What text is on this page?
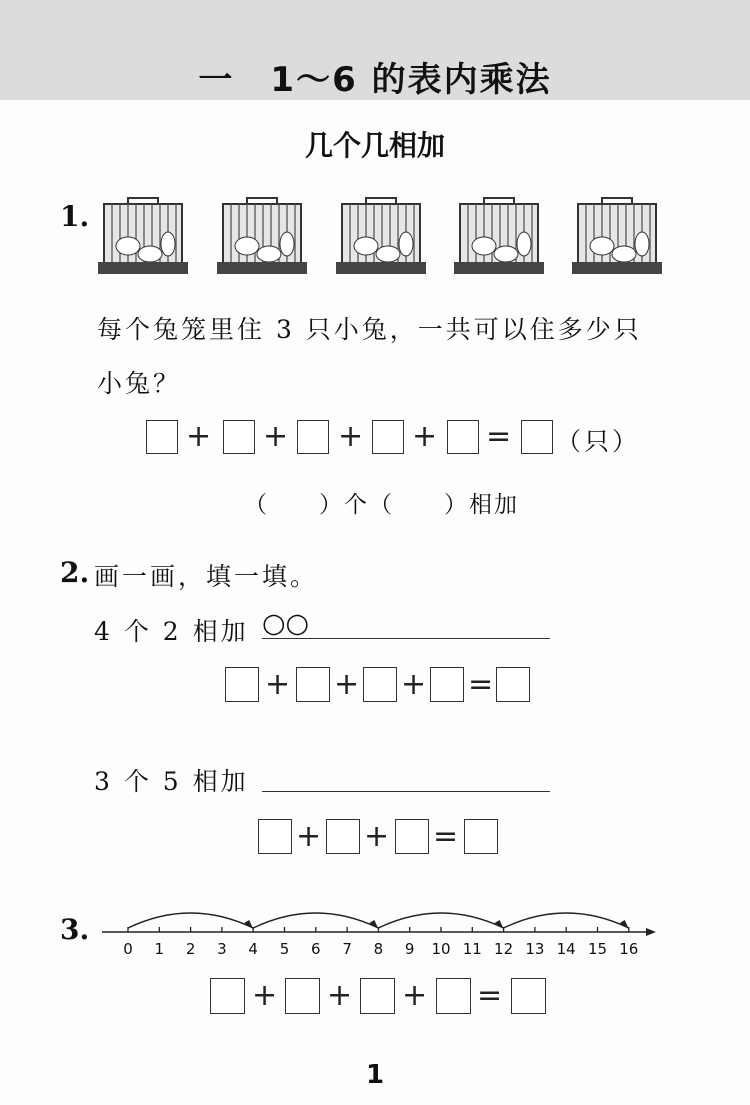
一　1～6 的表内乘法
几个几相加
1.
每个兔笼里住 3 只小兔，一共可以住多少只
小兔？
+ + + + = （只）
（　　）个（　　）相加
2. 画一画，填一填。
4 个 2 相加 ○○
+ + + =
3 个 5 相加
+ + =
3.
0 1 2 3 4 5 6 7 8 9 10 11 12 13 14 15 16
+ + + =
1
